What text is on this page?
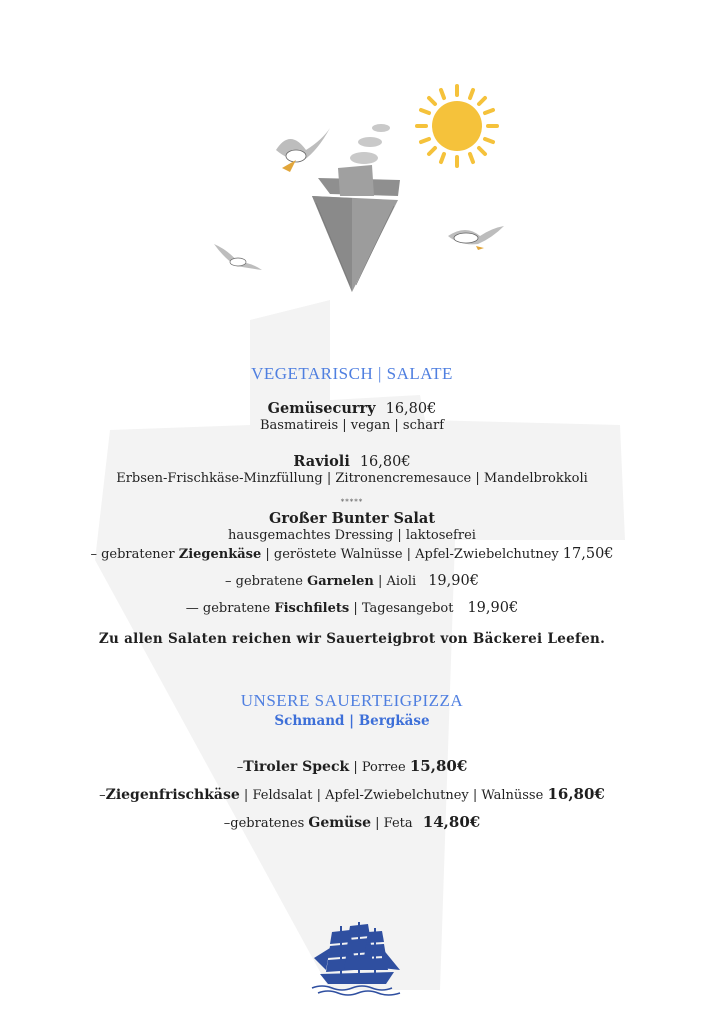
VEGETARISCH | SALATE
Gemüsecurry 16,80€
Basmatireis | vegan | scharf
Ravioli 16,80€
Erbsen-Frischkäse-Minzfüllung | Zitronencremesauce | Mandelbrokkoli
*****
Großer Bunter Salat
hausgemachtes Dressing | laktosefrei
– gebratener Ziegenkäse | geröstete Walnüsse | Apfel-Zwiebelchutney 17,50€
– gebratene Garnelen | Aioli 19,90€
— gebratene Fischfilets | Tagesangebot 19,90€
Zu allen Salaten reichen wir Sauerteigbrot von Bäckerei Leefen.
UNSERE SAUERTEIGPIZZA
Schmand | Bergkäse
–Tiroler Speck | Porree 15,80€
–Ziegenfrischkäse | Feldsalat | Apfel-Zwiebelchutney | Walnüsse 16,80€
–gebratenes Gemüse | Feta 14,80€
